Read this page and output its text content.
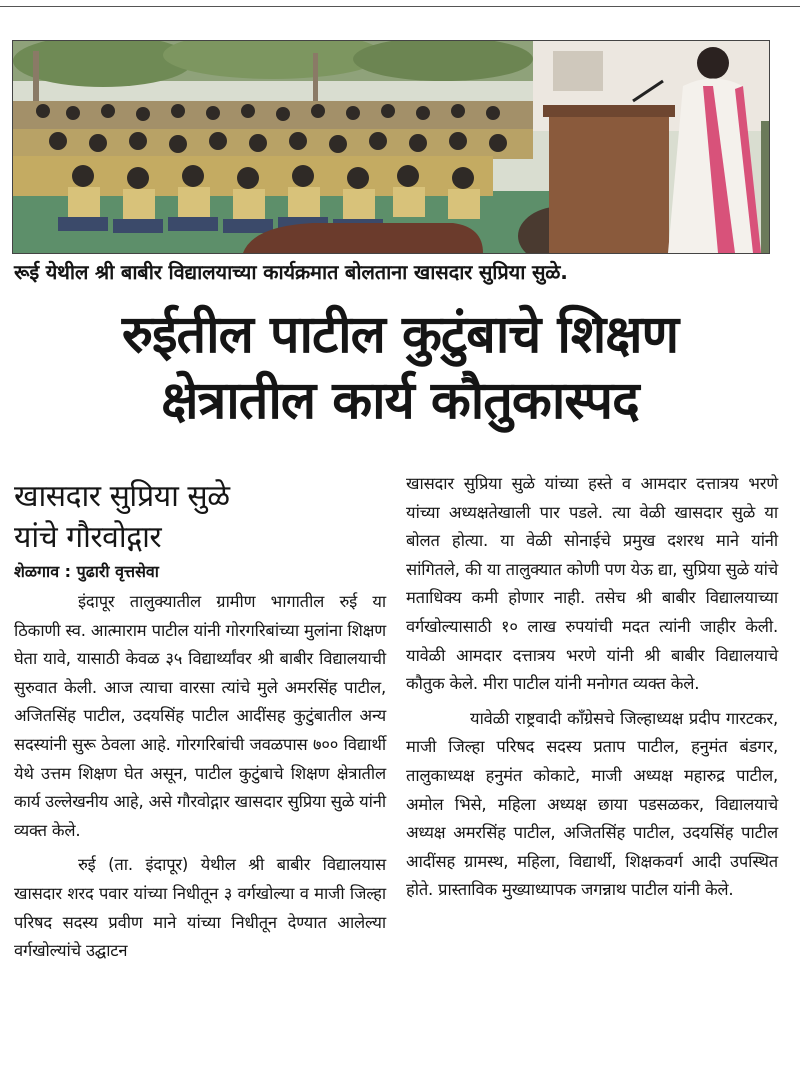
रूई येथील श्री बाबीर विद्यालयाच्या कार्यक्रमात बोलताना खासदार सुप्रिया सुळे.
रुईतील पाटील कुटुंबाचे शिक्षण
क्षेत्रातील कार्य कौतुकास्पद
खासदार सुप्रिया सुळे
यांचे गौरवोद्गार
शेळगाव : पुढारी वृत्तसेवा

इंदापूर तालुक्यातील ग्रामीण भागातील रुई या ठिकाणी स्व. आत्माराम पाटील यांनी गोरगरिबांच्या मुलांना शिक्षण घेता यावे, यासाठी केवळ ३५ विद्यार्थ्यांवर श्री बाबीर विद्यालयाची सुरुवात केली. आज त्याचा वारसा त्यांचे मुले अमरसिंह पाटील, अजितसिंह पाटील, उदयसिंह पाटील आदींसह कुटुंबातील अन्य सदस्यांनी सुरू ठेवला आहे. गोरगरिबांची जवळपास ७०० विद्यार्थी येथे उत्तम शिक्षण घेत असून, पाटील कुटुंबाचे शिक्षण क्षेत्रातील कार्य उल्लेखनीय आहे, असे गौरवोद्गार खासदार सुप्रिया सुळे यांनी व्यक्त केले.

रुई (ता. इंदापूर) येथील श्री बाबीर विद्यालयास खासदार शरद पवार यांच्या निधीतून ३ वर्गखोल्या व माजी जिल्हा परिषद सदस्य प्रवीण माने यांच्या निधीतून देण्यात आलेल्या वर्गखोल्यांचे उद्घाटन

खासदार सुप्रिया सुळे यांच्या हस्ते व आमदार दत्तात्रय भरणे यांच्या अध्यक्षतेखाली पार पडले. त्या वेळी खासदार सुळे या बोलत होत्या. या वेळी सोनाईचे प्रमुख दशरथ माने यांनी सांगितले, की या तालुक्यात कोणी पण येऊ द्या, सुप्रिया सुळे यांचे मताधिक्य कमी होणार नाही. तसेच श्री बाबीर विद्यालयाच्या वर्गखोल्यासाठी १० लाख रुपयांची मदत त्यांनी जाहीर केली. यावेळी आमदार दत्तात्रय भरणे यांनी श्री बाबीर विद्यालयाचे कौतुक केले. मीरा पाटील यांनी मनोगत व्यक्त केले.

यावेळी राष्ट्रवादी काँग्रेसचे जिल्हाध्यक्ष प्रदीप गारटकर, माजी जिल्हा परिषद सदस्य प्रताप पाटील, हनुमंत बंडगर, तालुकाध्यक्ष हनुमंत कोकाटे, माजी अध्यक्ष महारुद्र पाटील, अमोल भिसे, महिला अध्यक्ष छाया पडसळकर, विद्यालयाचे अध्यक्ष अमरसिंह पाटील, अजितसिंह पाटील, उदयसिंह पाटील आदींसह ग्रामस्थ, महिला, विद्यार्थी, शिक्षकवर्ग आदी उपस्थित होते. प्रास्ताविक मुख्याध्यापक जगन्नाथ पाटील यांनी केले.
